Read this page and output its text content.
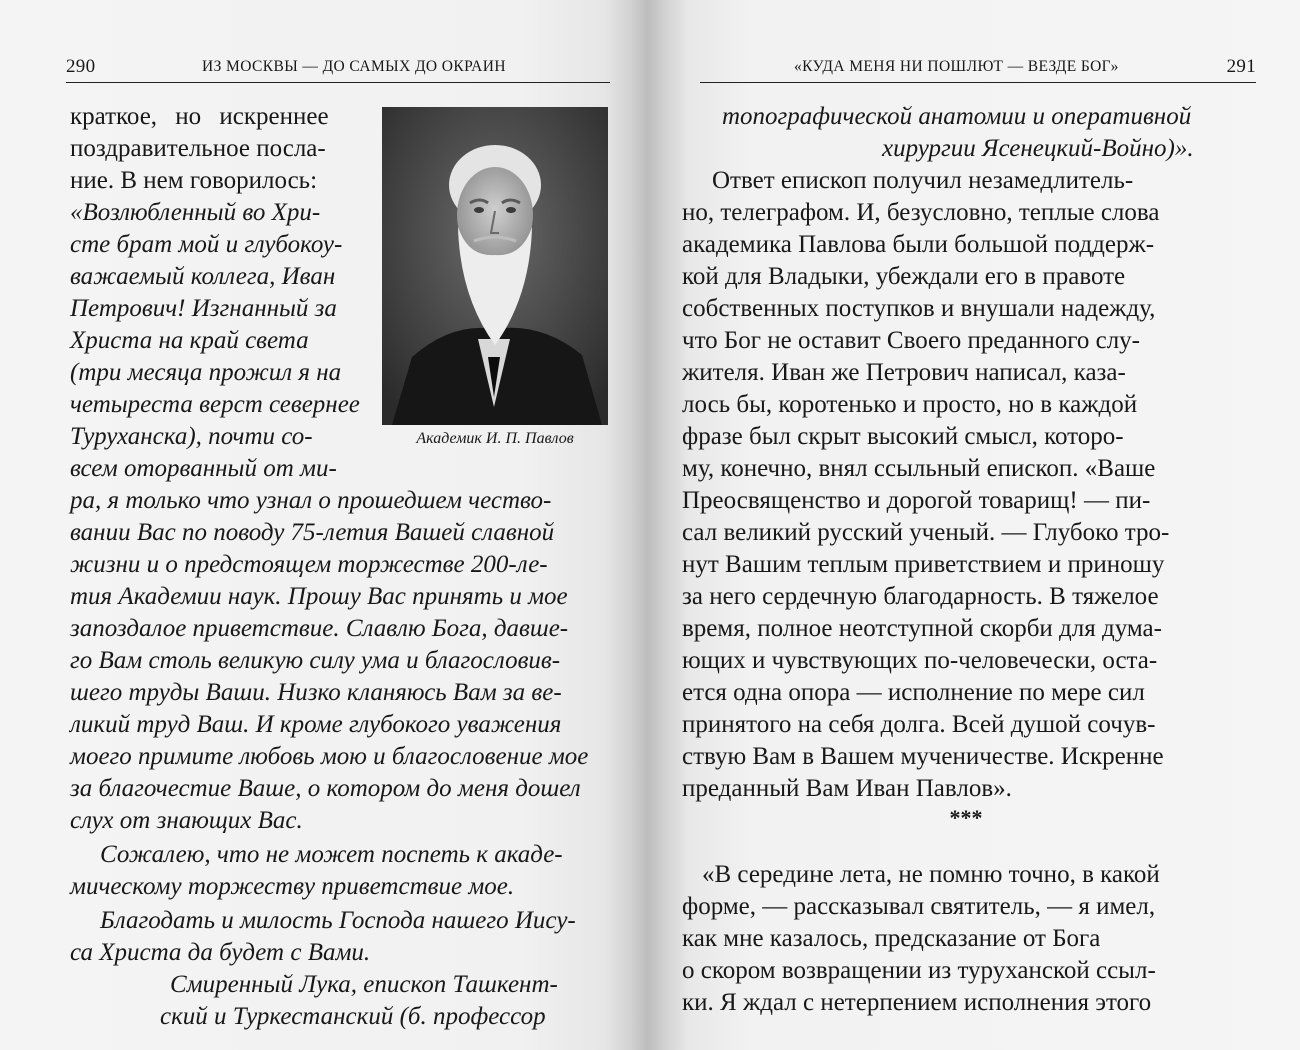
290	ИЗ МОСКВЫ — ДО САМЫХ ДО ОКРАИН
Академик И. П. Павлов
краткое, но искреннее
поздравительное посла-
ние. В нем говорилось:
«Возлюбленный во Хри-
сте брат мой и глубокоу-
важаемый коллега, Иван
Петрович! Изгнанный за
Христа на край света
(три месяца прожил я на
четыреста верст севернее
Туруханска), почти со-
всем оторванный от ми-
ра, я только что узнал о прошедшем чество-
вании Вас по поводу 75-летия Вашей славной
жизни и о предстоящем торжестве 200-ле-
тия Академии наук. Прошу Вас принять и мое
запоздалое приветствие. Славлю Бога, давше-
го Вам столь великую силу ума и благословив-
шего труды Ваши. Низко кланяюсь Вам за ве-
ликий труд Ваш. И кроме глубокого уважения
моего примите любовь мою и благословение мое
за благочестие Ваше, о котором до меня дошел
слух от знающих Вас.
Сожалею, что не может поспеть к акаде-
мическому торжеству приветствие мое.
Благодать и милость Господа нашего Иису-
са Христа да будет с Вами.
Смиренный Лука, епископ Ташкент-
ский и Туркестанский (б. профессор
«КУДА МЕНЯ НИ ПОШЛЮТ — ВЕЗДЕ БОГ»	291
топографической анатомии и оперативной
хирургии Ясенецкий-Войно)».
Ответ епископ получил незамедлитель-
но, телеграфом. И, безусловно, теплые слова
академика Павлова были большой поддерж-
кой для Владыки, убеждали его в правоте
собственных поступков и внушали надежду,
что Бог не оставит Своего преданного слу-
жителя. Иван же Петрович написал, каза-
лось бы, коротенько и просто, но в каждой
фразе был скрыт высокий смысл, которо-
му, конечно, внял ссыльный епископ. «Ваше
Преосвященство и дорогой товарищ! — пи-
сал великий русский ученый. — Глубоко тро-
нут Вашим теплым приветствием и приношу
за него сердечную благодарность. В тяжелое
время, полное неотступной скорби для дума-
ющих и чувствующих по-человечески, оста-
ется одна опора — исполнение по мере сил
принятого на себя долга. Всей душой сочув-
ствую Вам в Вашем мученичестве. Искренне
преданный Вам Иван Павлов».
***
«В середине лета, не помню точно, в какой
форме, — рассказывал святитель, — я имел,
как мне казалось, предсказание от Бога
о скором возвращении из туруханской ссыл-
ки. Я ждал с нетерпением исполнения этого
